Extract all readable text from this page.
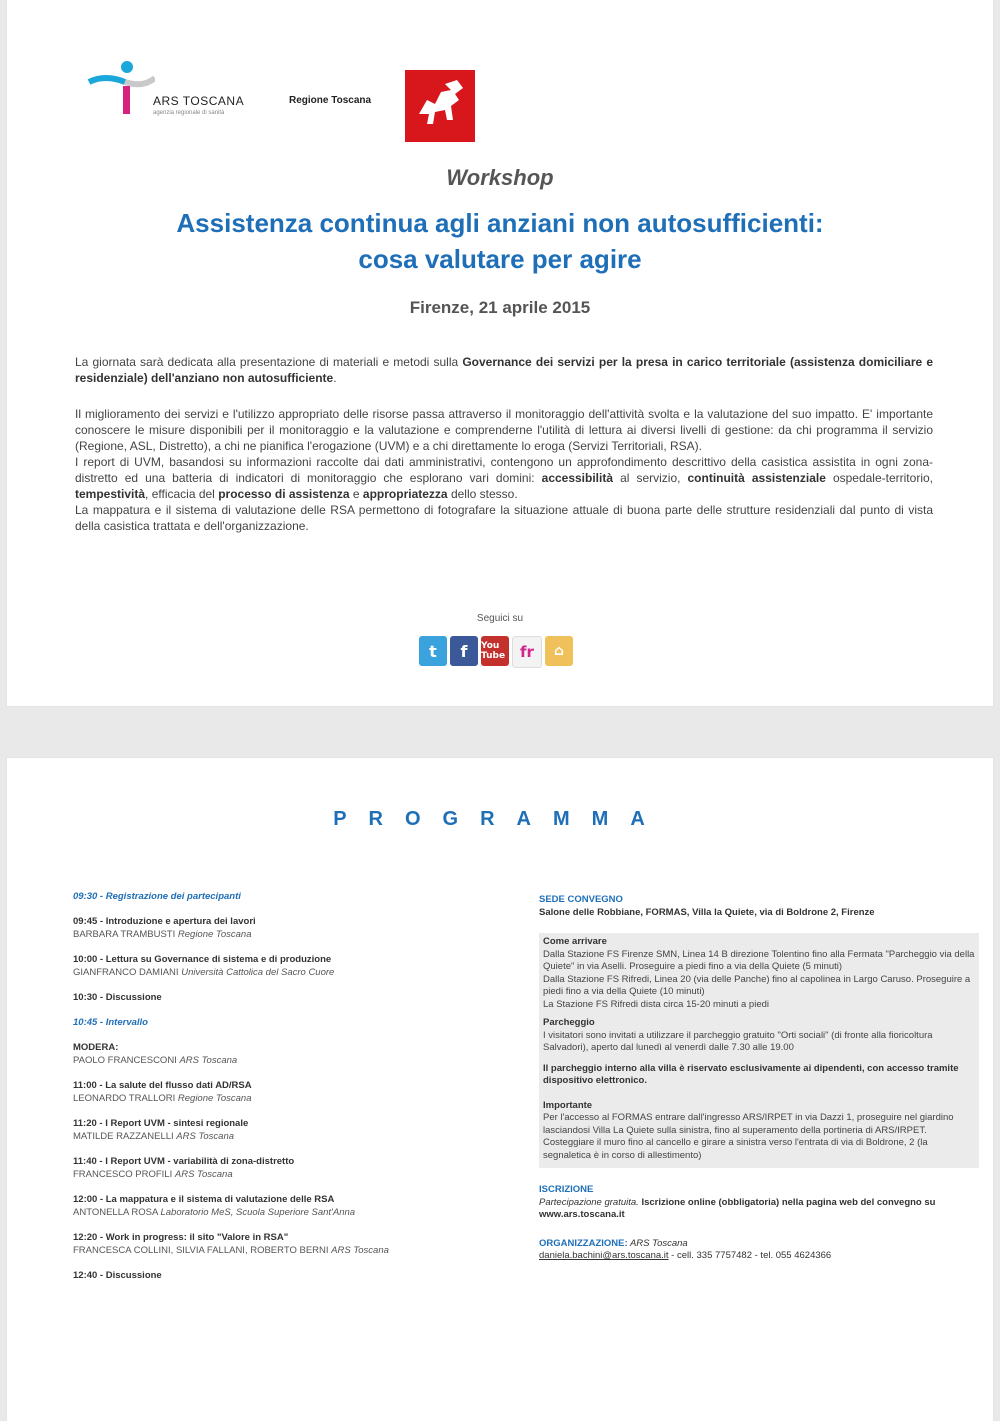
ARS TOSCANA
agenzia regionale di sanità
Regione Toscana
Workshop
Assistenza continua agli anziani non autosufficienti:
cosa valutare per agire
Firenze, 21 aprile 2015
La giornata sarà dedicata alla presentazione di materiali e metodi sulla Governance dei servizi per la presa in carico territoriale (assistenza domiciliare e residenziale) dell'anziano non autosufficiente.
Il miglioramento dei servizi e l'utilizzo appropriato delle risorse passa attraverso il monitoraggio dell'attività svolta e la valutazione del suo impatto. E' importante conoscere le misure disponibili per il monitoraggio e la valutazione e comprenderne l'utilità di lettura ai diversi livelli di gestione: da chi programma il servizio (Regione, ASL, Distretto), a chi ne pianifica l'erogazione (UVM) e a chi direttamente lo eroga (Servizi Territoriali, RSA).
I report di UVM, basandosi su informazioni raccolte dai dati amministrativi, contengono un approfondimento descrittivo della casistica assistita in ogni zona-distretto ed una batteria di indicatori di monitoraggio che esplorano vari domini: accessibilità al servizio, continuità assistenziale ospedale-territorio, tempestività, efficacia del processo di assistenza e appropriatezza dello stesso.
La mappatura e il sistema di valutazione delle RSA permettono di fotografare la situazione attuale di buona parte delle strutture residenziali dal punto di vista della casistica trattata e dell'organizzazione.
Seguici su
t	f	You Tube fr	⌂
PROGRAMMA
09:30 - Registrazione dei partecipanti
09:45 - Introduzione e apertura dei lavori
BARBARA TRAMBUSTI Regione Toscana
10:00 - Lettura su Governance di sistema e di produzione
GIANFRANCO DAMIANI Università Cattolica del Sacro Cuore
10:30 - Discussione
10:45 - Intervallo
MODERA:
PAOLO FRANCESCONI ARS Toscana
11:00 - La salute del flusso dati AD/RSA
LEONARDO TRALLORI Regione Toscana
11:20 - I Report UVM - sintesi regionale
MATILDE RAZZANELLI ARS Toscana
11:40 - I Report UVM - variabilità di zona-distretto
FRANCESCO PROFILI ARS Toscana
12:00 - La mappatura e il sistema di valutazione delle RSA
ANTONELLA ROSA Laboratorio MeS, Scuola Superiore Sant'Anna
12:20 - Work in progress: il sito "Valore in RSA"
FRANCESCA COLLINI, SILVIA FALLANI, ROBERTO BERNI ARS Toscana
12:40 - Discussione
SEDE CONVEGNO
Salone delle Robbiane, FORMAS, Villa la Quiete, via di Boldrone 2, Firenze
Come arrivare
Dalla Stazione FS Firenze SMN, Linea 14 B direzione Tolentino fino alla Fermata "Parcheggio via della Quiete" in via Aselli. Proseguire a piedi fino a via della Quiete (5 minuti)
Dalla Stazione FS Rifredi, Linea 20 (via delle Panche) fino al capolinea in Largo Caruso. Proseguire a piedi fino a via della Quiete (10 minuti)
La Stazione FS Rifredi dista circa 15-20 minuti a piedi
Parcheggio
I visitatori sono invitati a utilizzare il parcheggio gratuito "Orti sociali" (di fronte alla fioricoltura Salvadori), aperto dal lunedì al venerdì dalle 7.30 alle 19.00
Il parcheggio interno alla villa è riservato esclusivamente ai dipendenti, con accesso tramite dispositivo elettronico.
Importante
Per l'accesso al FORMAS entrare dall'ingresso ARS/IRPET in via Dazzi 1, proseguire nel giardino lasciandosi Villa La Quiete sulla sinistra, fino al superamento della portineria di ARS/IRPET. Costeggiare il muro fino al cancello e girare a sinistra verso l'entrata di via di Boldrone, 2 (la segnaletica è in corso di allestimento)
ISCRIZIONE
Partecipazione gratuita. Iscrizione online (obbligatoria) nella pagina web del convegno su www.ars.toscana.it
ORGANIZZAZIONE: ARS Toscana
daniela.bachini@ars.toscana.it - cell. 335 7757482 - tel. 055 4624366
